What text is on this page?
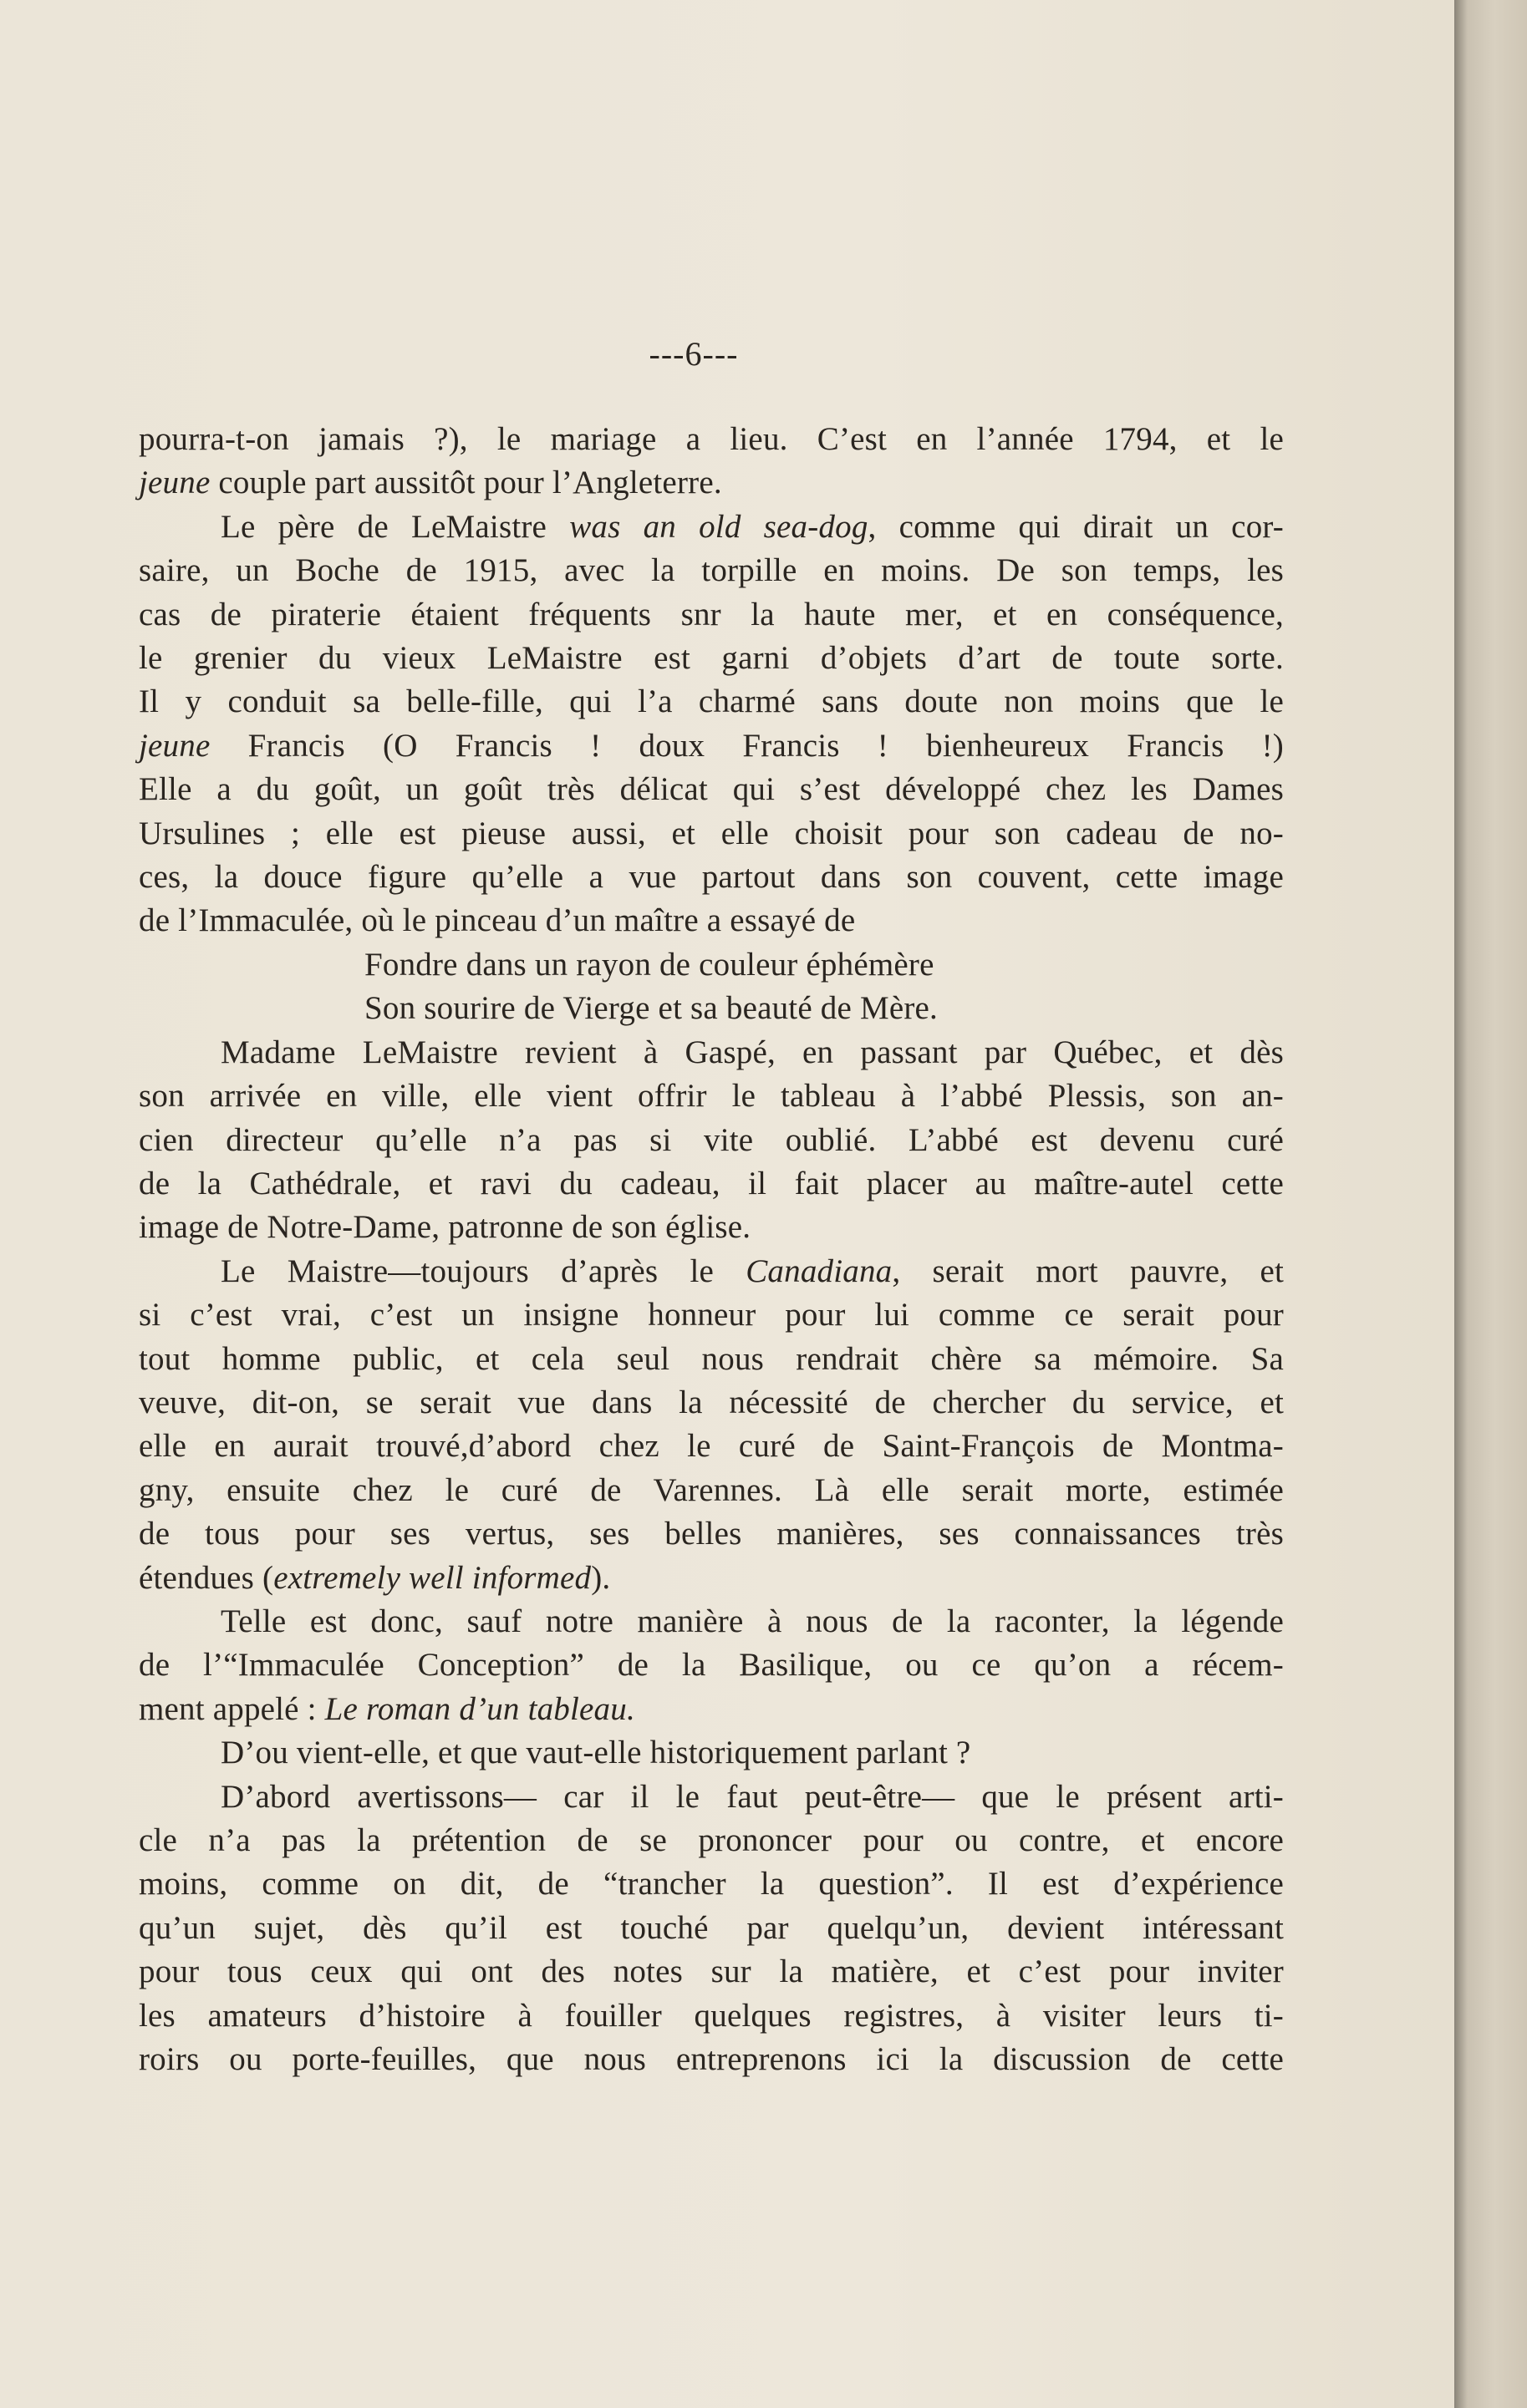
---6---
pourra-t-on jamais ?), le mariage a lieu. C’est en l’année 1794, et le
jeune couple part aussitôt pour l’Angleterre.
Le père de LeMaistre was an old sea-dog, comme qui dirait un cor-
saire, un Boche de 1915, avec la torpille en moins. De son temps, les
cas de piraterie étaient fréquents snr la haute mer, et en conséquence,
le grenier du vieux LeMaistre est garni d’objets d’art de toute sorte.
Il y conduit sa belle-fille, qui l’a charmé sans doute non moins que le
jeune Francis (O Francis ! doux Francis ! bienheureux Francis !)
Elle a du goût, un goût très délicat qui s’est développé chez les Dames
Ursulines ; elle est pieuse aussi, et elle choisit pour son cadeau de no-
ces, la douce figure qu’elle a vue partout dans son couvent, cette image
de l’Immaculée, où le pinceau d’un maître a essayé de
Fondre dans un rayon de couleur éphémère
Son sourire de Vierge et sa beauté de Mère.
Madame LeMaistre revient à Gaspé, en passant par Québec, et dès
son arrivée en ville, elle vient offrir le tableau à l’abbé Plessis, son an-
cien directeur qu’elle n’a pas si vite oublié. L’abbé est devenu curé
de la Cathédrale, et ravi du cadeau, il fait placer au maître-autel cette
image de Notre-Dame, patronne de son église.
Le Maistre—toujours d’après le Canadiana, serait mort pauvre, et
si c’est vrai, c’est un insigne honneur pour lui comme ce serait pour
tout homme public, et cela seul nous rendrait chère sa mémoire. Sa
veuve, dit-on, se serait vue dans la nécessité de chercher du service, et
elle en aurait trouvé,d’abord chez le curé de Saint-François de Montma-
gny, ensuite chez le curé de Varennes. Là elle serait morte, estimée
de tous pour ses vertus, ses belles manières, ses connaissances très
étendues (extremely well informed).
Telle est donc, sauf notre manière à nous de la raconter, la légende
de l’“Immaculée Conception” de la Basilique, ou ce qu’on a récem-
ment appelé : Le roman d’un tableau.
D’ou vient-elle, et que vaut-elle historiquement parlant ?
D’abord avertissons— car il le faut peut-être— que le présent arti-
cle n’a pas la prétention de se prononcer pour ou contre, et encore
moins, comme on dit, de “trancher la question”. Il est d’expérience
qu’un sujet, dès qu’il est touché par quelqu’un, devient intéressant
pour tous ceux qui ont des notes sur la matière, et c’est pour inviter
les amateurs d’histoire à fouiller quelques registres, à visiter leurs ti-
roirs ou porte-feuilles, que nous entreprenons ici la discussion de cette
